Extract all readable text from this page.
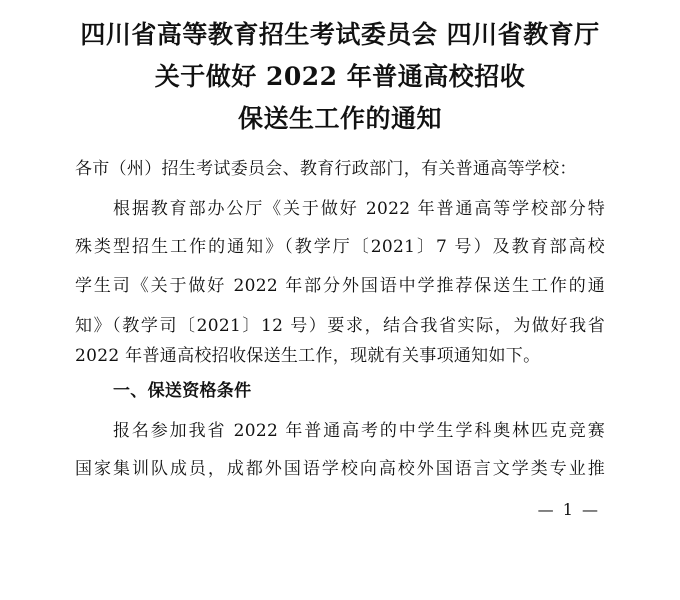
四川省高等教育招生考试委员会 四川省教育厅
关于做好 2022 年普通高校招收
保送生工作的通知
各市（州）招生考试委员会、教育行政部门，有关普通高等学校：
根据教育部办公厅《关于做好 2022 年普通高等学校部分特
殊类型招生工作的通知》（教学厅〔2021〕7 号）及教育部高校
学生司《关于做好 2022 年部分外国语中学推荐保送生工作的通
知》（教学司〔2021〕12 号）要求，结合我省实际，为做好我省
2022 年普通高校招收保送生工作，现就有关事项通知如下。
一、保送资格条件
报名参加我省 2022 年普通高考的中学生学科奥林匹克竞赛
国家集训队成员，成都外国语学校向高校外国语言文学类专业推
— 1 —
